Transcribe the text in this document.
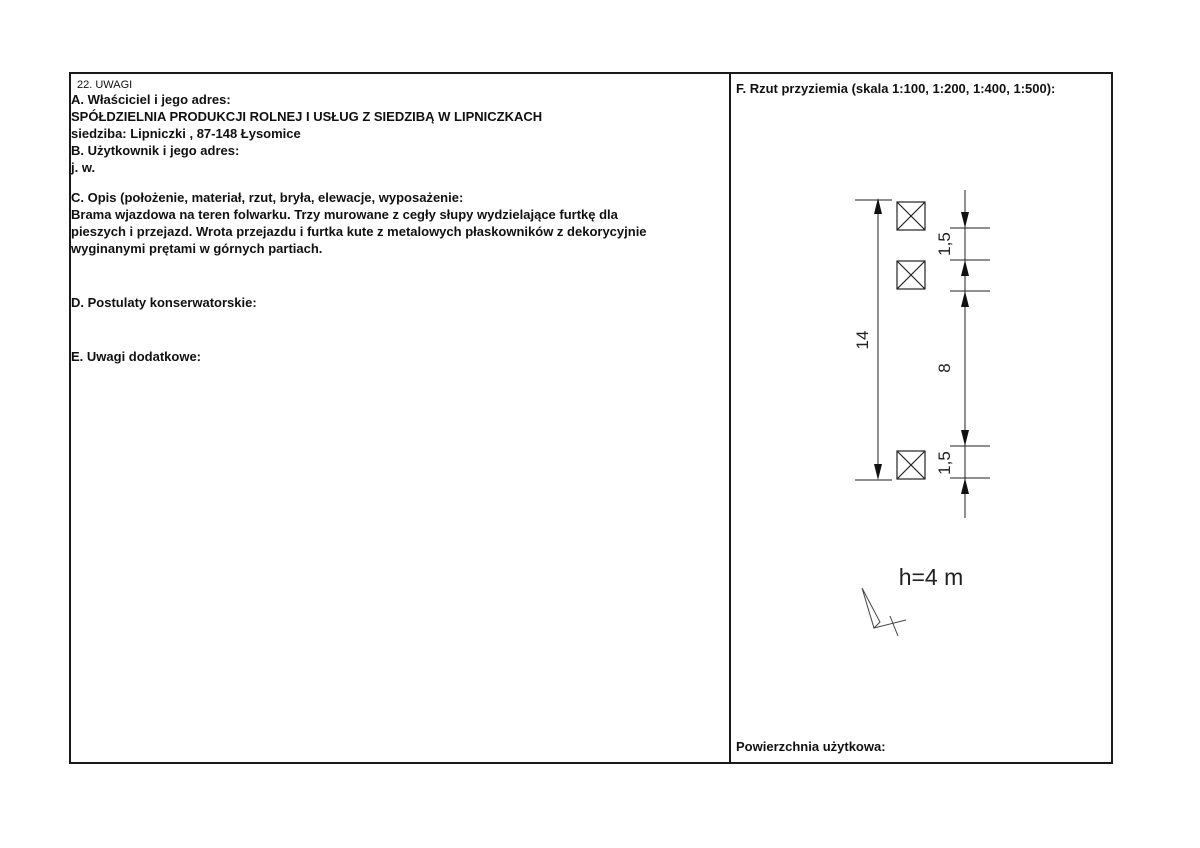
22. UWAGI
A. Właściciel i jego adres:
SPÓŁDZIELNIA PRODUKCJI ROLNEJ I USŁUG Z SIEDZIBĄ W LIPNICZKACH
siedziba: Lipniczki , 87-148 Łysomice
B. Użytkownik i jego adres:
j. w.
C. Opis (położenie, materiał, rzut, bryła, elewacje, wyposażenie:
Brama wjazdowa na teren folwarku. Trzy murowane z cegły słupy wydzielające furtkę dla
pieszych i przejazd. Wrota przejazdu i furtka kute z metalowych płaskowników z dekorycyjnie
wyginanymi prętami w górnych partiach.
D. Postulaty konserwatorskie:
E. Uwagi dodatkowe:
F. Rzut przyziemia (skala 1:100, 1:200, 1:400, 1:500):
14
1,5
8
1,5
h=4 m
Powierzchnia użytkowa:
